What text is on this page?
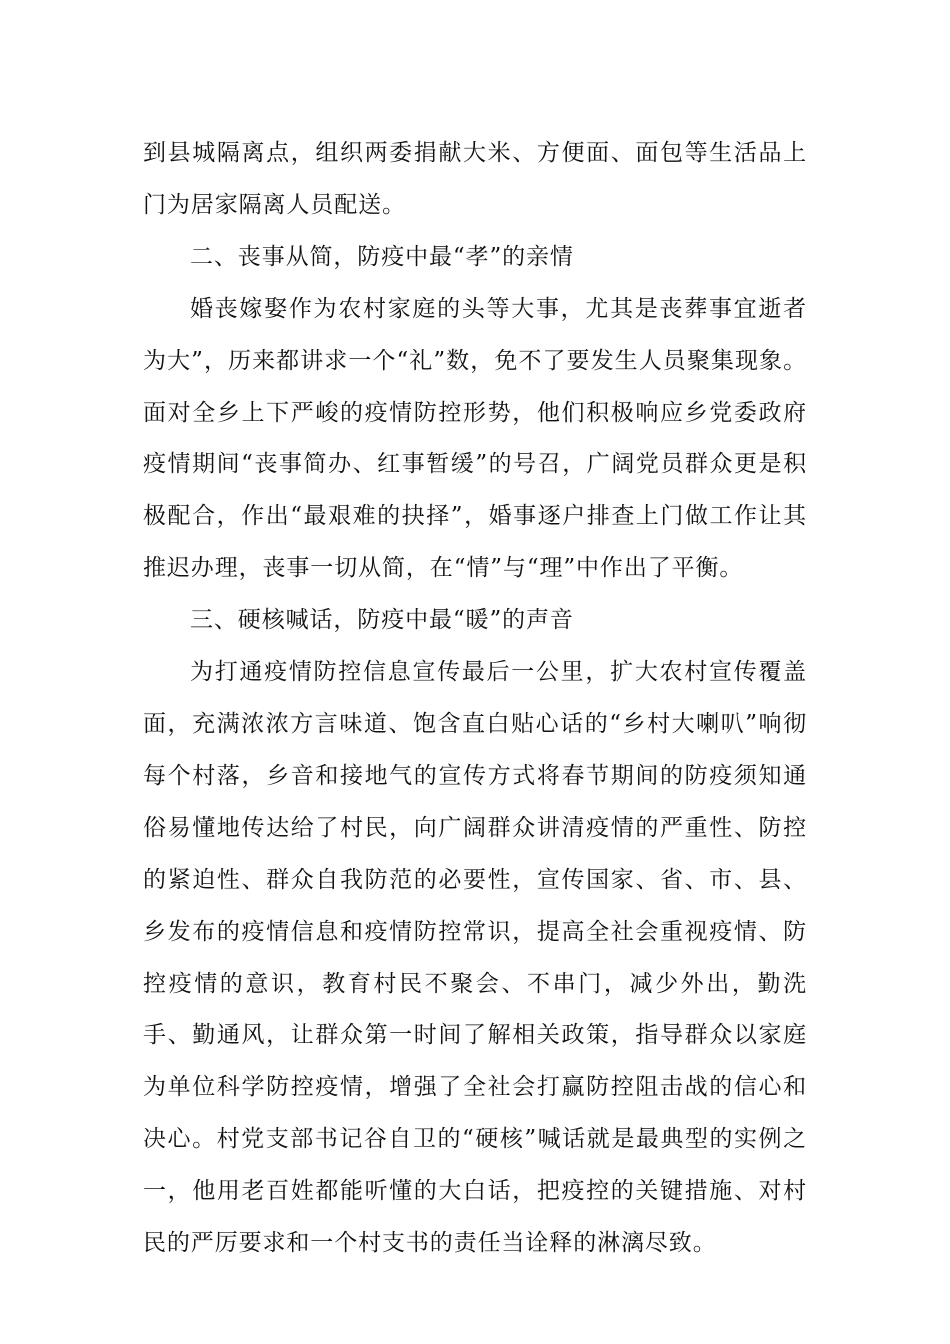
到县城隔离点，组织两委捐献大米、方便面、面包等生活品上门为居家隔离人员配送。

二、丧事从简，防疫中最“孝”的亲情

婚丧嫁娶作为农村家庭的头等大事，尤其是丧葬事宜逝者为大”，历来都讲求一个“礼”数，免不了要发生人员聚集现象。面对全乡上下严峻的疫情防控形势，他们积极响应乡党委政府疫情期间“丧事简办、红事暂缓”的号召，广阔党员群众更是积极配合，作出“最艰难的抉择”，婚事逐户排查上门做工作让其推迟办理，丧事一切从简，在“情”与“理”中作出了平衡。

三、硬核喊话，防疫中最“暖”的声音

为打通疫情防控信息宣传最后一公里，扩大农村宣传覆盖面，充满浓浓方言味道、饱含直白贴心话的“乡村大喇叭”响彻每个村落，乡音和接地气的宣传方式将春节期间的防疫须知通俗易懂地传达给了村民，向广阔群众讲清疫情的严重性、防控的紧迫性、群众自我防范的必要性，宣传国家、省、市、县、乡发布的疫情信息和疫情防控常识，提高全社会重视疫情、防控疫情的意识，教育村民不聚会、不串门，减少外出，勤洗手、勤通风，让群众第一时间了解相关政策，指导群众以家庭为单位科学防控疫情，增强了全社会打赢防控阻击战的信心和决心。村党支部书记谷自卫的“硬核”喊话就是最典型的实例之一，他用老百姓都能听懂的大白话，把疫控的关键措施、对村民的严厉要求和一个村支书的责任当诠释的淋漓尽致。
